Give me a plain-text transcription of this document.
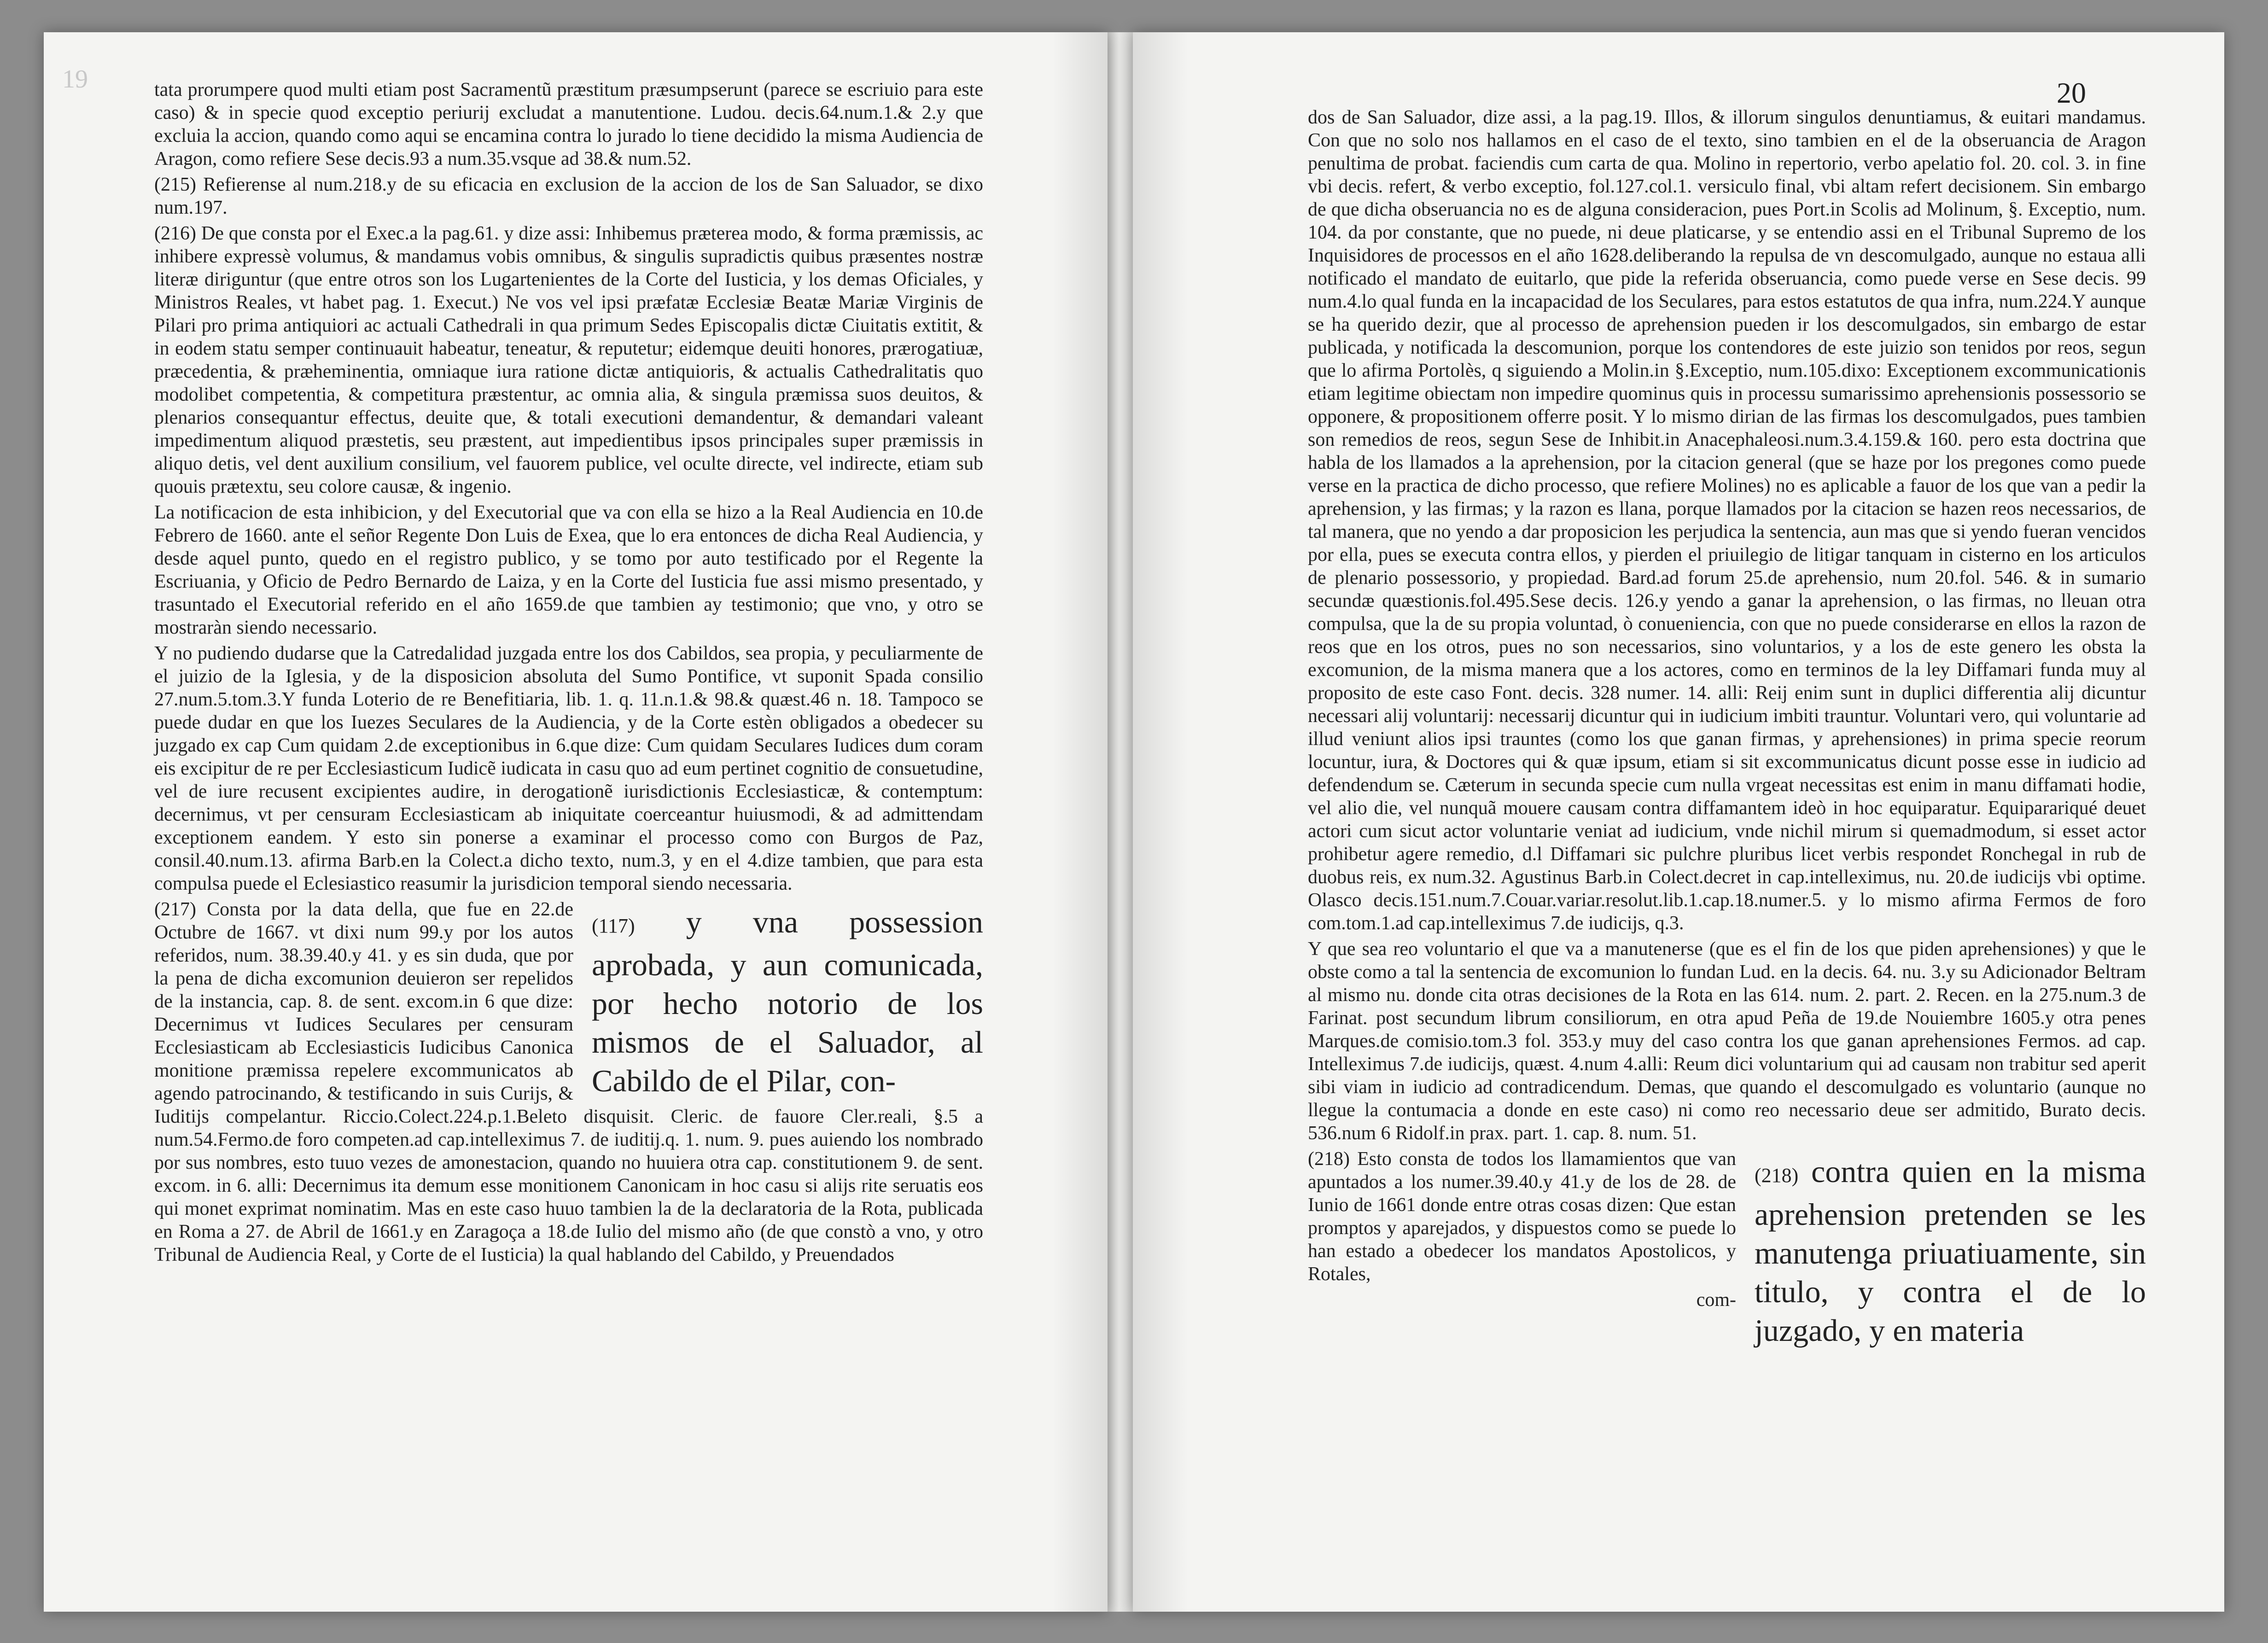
19	tata prorumpere quod multi etiam post Sacramentũ præstitum præsumpserunt (parece se escriuio para este caso) & in specie quod exceptio periurij excludat a manutentione. Ludou. decis.64.num.1.& 2.y que excluia la accion, quando como aqui se encamina contra lo jurado lo tiene decidido la misma Audiencia de Aragon, como refiere Sese decis.93 a num.35.vsque ad 38.& num.52.

(215) Refierense al num.218.y de su eficacia en exclusion de la accion de los de San Saluador, se dixo num.197.

(216) De que consta por el Exec.a la pag.61. y dize assi: Inhibemus præterea modo, & forma præmissis, ac inhibere expressè volumus, & mandamus vobis omnibus, & singulis supradictis quibus præsentes nostræ literæ diriguntur (que entre otros son los Lugartenientes de la Corte del Iusticia, y los demas Oficiales, y Ministros Reales, vt habet pag. 1. Execut.) Ne vos vel ipsi præfatæ Ecclesiæ Beatæ Mariæ Virginis de Pilari pro prima antiquiori ac actuali Cathedrali in qua primum Sedes Episcopalis dictæ Ciuitatis extitit, & in eodem statu semper continuauit habeatur, teneatur, & reputetur; eidemque deuiti honores, prærogatiuæ, præcedentia, & præheminentia, omniaque iura ratione dictæ antiquioris, & actualis Cathedralitatis quo modolibet competentia, & competitura præstentur, ac omnia alia, & singula præmissa suos deuitos, & plenarios consequantur effectus, deuite que, & totali executioni demandentur, & demandari valeant impedimentum aliquod præstetis, seu præstent, aut impedientibus ipsos principales super præmissis in aliquo detis, vel dent auxilium consilium, vel fauorem publice, vel oculte directe, vel indirecte, etiam sub quouis prætextu, seu colore causæ, & ingenio.

La notificacion de esta inhibicion, y del Executorial que va con ella se hizo a la Real Audiencia en 10.de Febrero de 1660. ante el señor Regente Don Luis de Exea, que lo era entonces de dicha Real Audiencia, y desde aquel punto, quedo en el registro publico, y se tomo por auto testificado por el Regente la Escriuania, y Oficio de Pedro Bernardo de Laiza, y en la Corte del Iusticia fue assi mismo presentado, y trasuntado el Executorial referido en el año 1659.de que tambien ay testimonio; que vno, y otro se mostraràn siendo necessario.

Y no pudiendo dudarse que la Catredalidad juzgada entre los dos Cabildos, sea propia, y peculiarmente de el juizio de la Iglesia, y de la disposicion absoluta del Sumo Pontifice, vt suponit Spada consilio 27.num.5.tom.3.Y funda Loterio de re Benefitiaria, lib. 1. q. 11.n.1.& 98.& quæst.46 n. 18. Tampoco se puede dudar en que los Iuezes Seculares de la Audiencia, y de la Corte estèn obligados a obedecer su juzgado ex cap Cum quidam 2.de exceptionibus in 6.que dize: Cum quidam Seculares Iudices dum coram eis excipitur de re per Ecclesiasticum Iudicẽ iudicata in casu quo ad eum pertinet cognitio de consuetudine, vel de iure recusent excipientes audire, in derogationẽ iurisdictionis Ecclesiasticæ, & contemptum: decernimus, vt per censuram Ecclesiasticam ab iniquitate coerceantur huiusmodi, & ad admittendam exceptionem eandem. Y esto sin ponerse a examinar el processo como con Burgos de Paz, consil.40.num.13. afirma Barb.en la Colect.a dicho texto, num.3, y en el 4.dize tambien, que para esta compulsa puede el Eclesiastico reasumir la jurisdicion temporal siendo necessaria.

(117) y vna possession aprobada, y aun comunicada, por hecho notorio de los mismos de el Saluador, al Cabildo de el Pilar, con-

(217) Consta por la data della, que fue en 22.de Octubre de 1667. vt dixi num 99.y por los autos referidos, num. 38.39.40.y 41. y es sin duda, que por la pena de dicha excomunion deuieron ser repelidos de la instancia, cap. 8. de sent. excom.in 6 que dize: Decernimus vt Iudices Seculares per censuram Ecclesiasticam ab Ecclesiasticis Iudicibus Canonica monitione præmissa repelere excommunicatos ab agendo patrocinando, & testificando in suis Curijs, & Iuditijs compelantur. Riccio.Colect.224.p.1.Beleto disquisit. Cleric. de fauore Cler.reali, §.5 a num.54.Fermo.de foro competen.ad cap.intelleximus 7. de iuditij.q. 1. num. 9. pues auiendo los nombrado por sus nombres, esto tuuo vezes de amonestacion, quando no huuiera otra cap. constitutionem 9. de sent. excom. in 6. alli: Decernimus ita demum esse monitionem Canonicam in hoc casu si alijs rite seruatis eos qui monet exprimat nominatim. Mas en este caso huuo tambien la de la declaratoria de la Rota, publicada en Roma a 27. de Abril de 1661.y en Zaragoça a 18.de Iulio del mismo año (de que constò a vno, y otro Tribunal de Audiencia Real, y Corte de el Iusticia) la qual hablando del Cabildo, y Preuendados

20

dos de San Saluador, dize assi, a la pag.19. Illos, & illorum singulos denuntiamus, & euitari mandamus. Con que no solo nos hallamos en el caso de el texto, sino tambien en el de la obseruancia de Aragon penultima de probat. faciendis cum carta de qua. Molino in repertorio, verbo apelatio fol. 20. col. 3. in fine vbi decis. refert, & verbo exceptio, fol.127.col.1. versiculo final, vbi altam refert decisionem. Sin embargo de que dicha obseruancia no es de alguna consideracion, pues Port.in Scolis ad Molinum, §. Exceptio, num. 104. da por constante, que no puede, ni deue platicarse, y se entendio assi en el Tribunal Supremo de los Inquisidores de processos en el año 1628.deliberando la repulsa de vn descomulgado, aunque no estaua alli notificado el mandato de euitarlo, que pide la referida obseruancia, como puede verse en Sese decis. 99 num.4.lo qual funda en la incapacidad de los Seculares, para estos estatutos de qua infra, num.224.Y aunque se ha querido dezir, que al processo de aprehension pueden ir los descomulgados, sin embargo de estar publicada, y notificada la descomunion, porque los contendores de este juizio son tenidos por reos, segun que lo afirma Portolès, q siguiendo a Molin.in §.Exceptio, num.105.dixo: Exceptionem excommunicationis etiam legitime obiectam non impedire quominus quis in processu sumarissimo aprehensionis possessorio se opponere, & propositionem offerre posit. Y lo mismo dirian de las firmas los descomulgados, pues tambien son remedios de reos, segun Sese de Inhibit.in Anacephaleosi.num.3.4.159.& 160. pero esta doctrina que habla de los llamados a la aprehension, por la citacion general (que se haze por los pregones como puede verse en la practica de dicho processo, que refiere Molines) no es aplicable a fauor de los que van a pedir la aprehension, y las firmas; y la razon es llana, porque llamados por la citacion se hazen reos necessarios, de tal manera, que no yendo a dar proposicion les perjudica la sentencia, aun mas que si yendo fueran vencidos por ella, pues se executa contra ellos, y pierden el priuilegio de litigar tanquam in cisterno en los articulos de plenario possessorio, y propiedad. Bard.ad forum 25.de aprehensio, num 20.fol. 546. & in sumario secundæ quæstionis.fol.495.Sese decis. 126.y yendo a ganar la aprehension, o las firmas, no lleuan otra compulsa, que la de su propia voluntad, ò conueniencia, con que no puede considerarse en ellos la razon de reos que en los otros, pues no son necessarios, sino voluntarios, y a los de este genero les obsta la excomunion, de la misma manera que a los actores, como en terminos de la ley Diffamari funda muy al proposito de este caso Font. decis. 328 numer. 14. alli: Reij enim sunt in duplici differentia alij dicuntur necessari alij voluntarij: necessarij dicuntur qui in iudicium imbiti trauntur. Voluntari vero, qui voluntarie ad illud veniunt alios ipsi trauntes (como los que ganan firmas, y aprehensiones) in prima specie reorum locuntur, iura, & Doctores qui & quæ ipsum, etiam si sit excommunicatus dicunt posse esse in iudicio ad defendendum se. Cæterum in secunda specie cum nulla vrgeat necessitas est enim in manu diffamati hodie, vel alio die, vel nunquã mouere causam contra diffamantem ideò in hoc equiparatur. Equiparariqué deuet actori cum sicut actor voluntarie veniat ad iudicium, vnde nichil mirum si quemadmodum, si esset actor prohibetur agere remedio, d.l Diffamari sic pulchre pluribus licet verbis respondet Ronchegal in rub de duobus reis, ex num.32. Agustinus Barb.in Colect.decret in cap.intelleximus, nu. 20.de iudicijs vbi optime. Olasco decis.151.num.7.Couar.variar.resolut.lib.1.cap.18.numer.5. y lo mismo afirma Fermos de foro com.tom.1.ad cap.intelleximus 7.de iudicijs, q.3.

Y que sea reo voluntario el que va a manutenerse (que es el fin de los que piden aprehensiones) y que le obste como a tal la sentencia de excomunion lo fundan Lud. en la decis. 64. nu. 3.y su Adicionador Beltram al mismo nu. donde cita otras decisiones de la Rota en las 614. num. 2. part. 2. Recen. en la 275.num.3 de Farinat. post secundum librum consiliorum, en otra apud Peña de 19.de Nouiembre 1605.y otra penes Marques.de comisio.tom.3 fol. 353.y muy del caso contra los que ganan aprehensiones Fermos. ad cap. Intelleximus 7.de iudicijs, quæst. 4.num 4.alli: Reum dici voluntarium qui ad causam non trabitur sed aperit sibi viam in iudicio ad contradicendum. Demas, que quando el descomulgado es voluntario (aunque no llegue la contumacia a donde en este caso) ni como reo necessario deue ser admitido, Burato decis. 536.num 6 Ridolf.in prax. part. 1. cap. 8. num. 51.

(218) contra quien en la misma aprehension pretenden se les manutenga priuatiuamente, sin titulo, y contra el de lo juzgado, y en materia

(218) Esto consta de todos los llamamientos que van apuntados a los numer.39.40.y 41.y de los de 28. de Iunio de 1661 donde entre otras cosas dizen: Que estan promptos y aparejados, y dispuestos como se puede lo han estado a obedecer los mandatos Apostolicos, y Rotales,

com-
